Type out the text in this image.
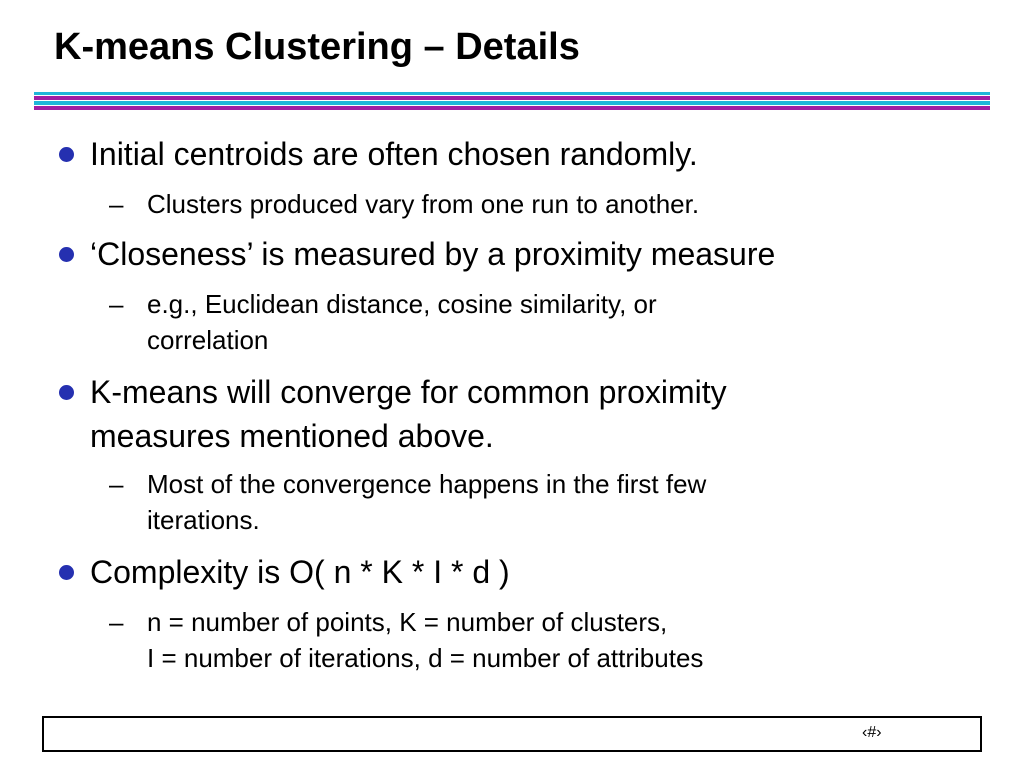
K-means Clustering – Details
Initial centroids are often chosen randomly.
– Clusters produced vary from one run to another.
‘Closeness’ is measured by a proximity measure
– e.g., Euclidean distance, cosine similarity, or
correlation
K-means will converge for common proximity
measures mentioned above.
– Most of the convergence happens in the first few
iterations.
Complexity is O( n * K * I * d )
– n = number of points, K = number of clusters,
I = number of iterations, d = number of attributes
‹#›
